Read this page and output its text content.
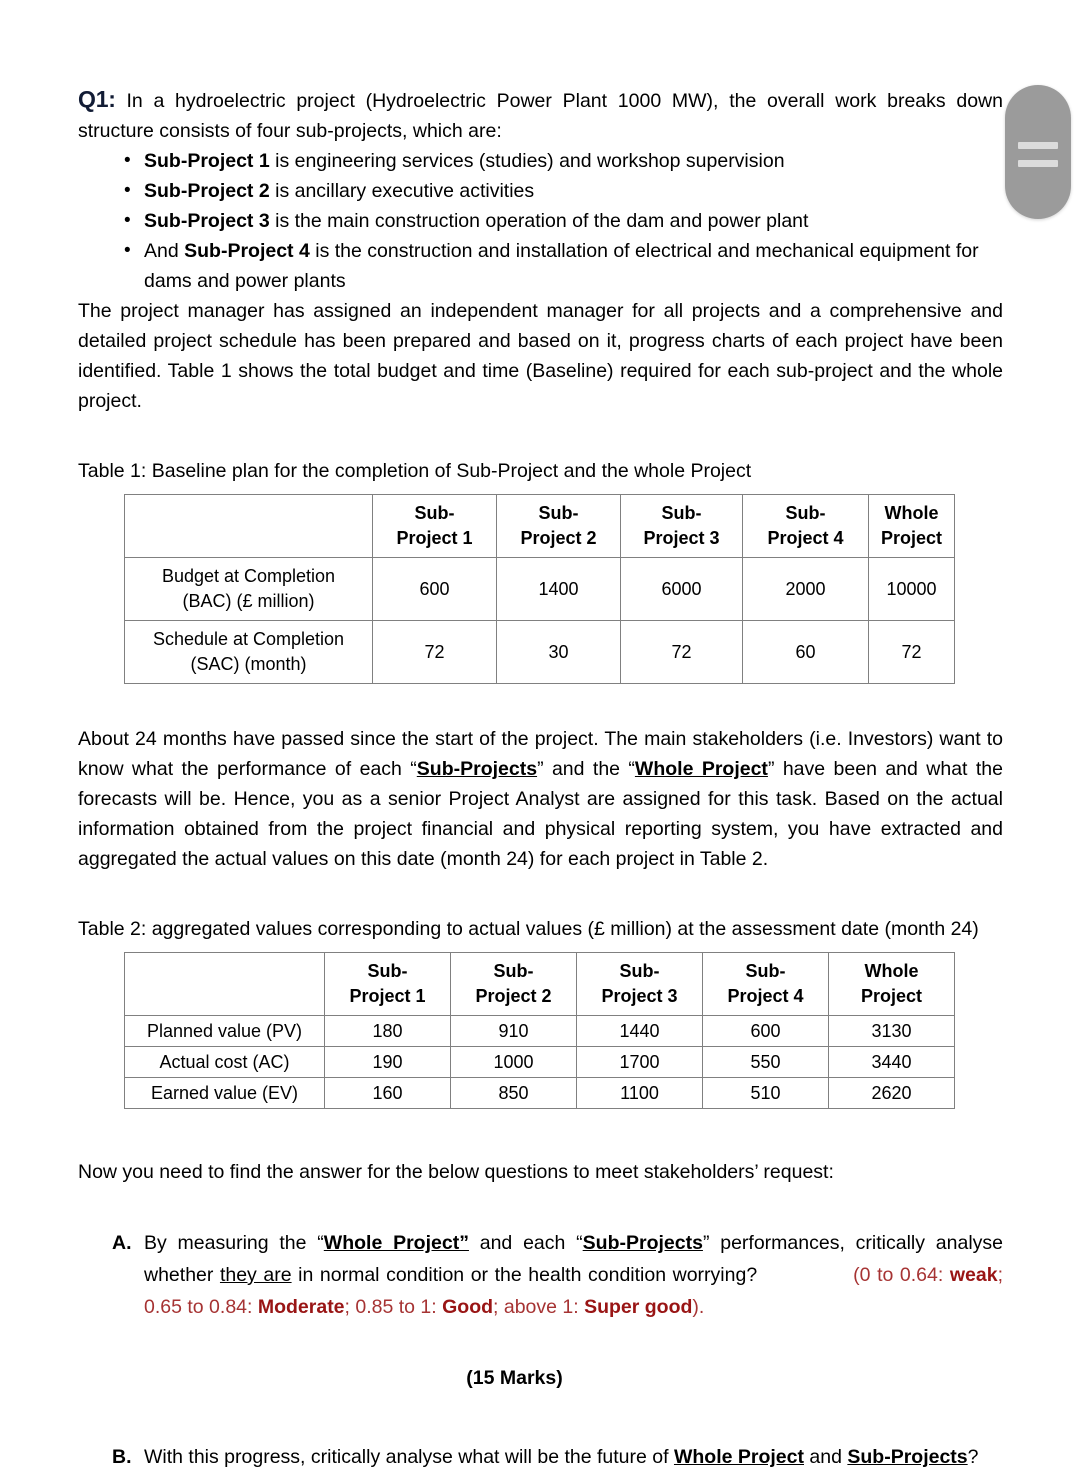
Q1: In a hydroelectric project (Hydroelectric Power Plant 1000 MW), the overall work breaks down structure consists of four sub-projects, which are:

• Sub-Project 1 is engineering services (studies) and workshop supervision
• Sub-Project 2 is ancillary executive activities
• Sub-Project 3 is the main construction operation of the dam and power plant
• And Sub-Project 4 is the construction and installation of electrical and mechanical equipment for dams and power plants

The project manager has assigned an independent manager for all projects and a comprehensive and detailed project schedule has been prepared and based on it, progress charts of each project have been identified. Table 1 shows the total budget and time (Baseline) required for each sub-project and the whole project.

Table 1: Baseline plan for the completion of Sub-Project and the whole Project

	Sub-
Project 1	Sub-
Project 2	Sub-
Project 3	Sub-
Project 4	Whole
Project
Budget at Completion
(BAC) (£ million)	600	1400	6000	2000	10000
Schedule at Completion
(SAC) (month)	72	30	72	60	72

About 24 months have passed since the start of the project. The main stakeholders (i.e. Investors) want to know what the performance of each “Sub-Projects” and the “Whole Project” have been and what the forecasts will be. Hence, you as a senior Project Analyst are assigned for this task. Based on the actual information obtained from the project financial and physical reporting system, you have extracted and aggregated the actual values on this date (month 24) for each project in Table 2.

Table 2: aggregated values corresponding to actual values (£ million) at the assessment date (month 24)

	Sub-
Project 1	Sub-
Project 2	Sub-
Project 3	Sub-
Project 4	Whole
Project
Planned value (PV)	180	910	1440	600	3130
Actual cost (AC)	190	1000	1700	550	3440
Earned value (EV)	160	850	1100	510	2620

Now you need to find the answer for the below questions to meet stakeholders’ request:

A. By measuring the “Whole Project” and each “Sub-Projects” performances, critically analyse whether they are in normal condition or the health condition worrying?	(0 to 0.64: weak; 0.65 to 0.84: Moderate; 0.85 to 1: Good; above 1: Super good).
(15 Marks)
B. With this progress, critically analyse what will be the future of Whole Project and Sub-Projects?
